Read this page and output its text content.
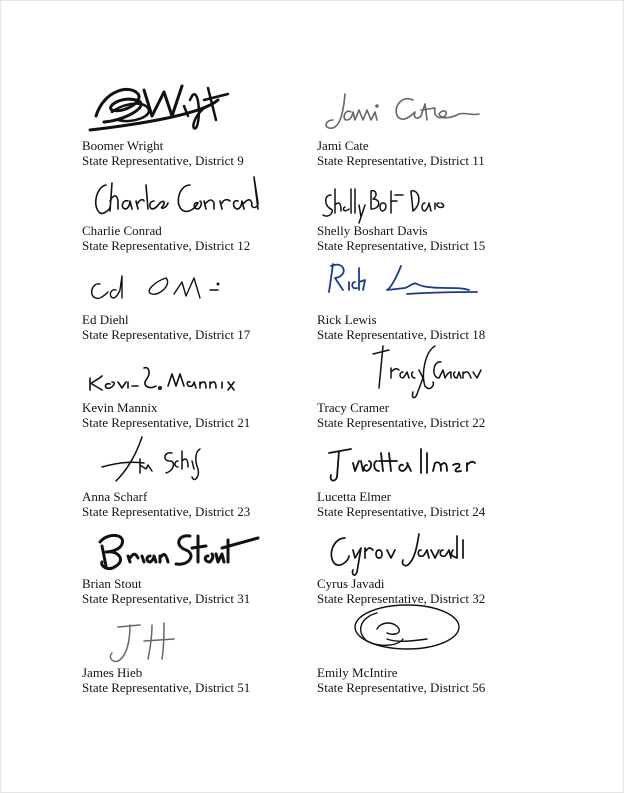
Boomer Wright
State Representative, District 9
Jami Cate
State Representative, District 11
Charlie Conrad
State Representative, District 12
Shelly Boshart Davis
State Representative, District 15
Ed Diehl
State Representative, District 17
Rick Lewis
State Representative, District 18
Kevin Mannix
State Representative, District 21
Tracy Cramer
State Representative, District 22
Anna Scharf
State Representative, District 23
Lucetta Elmer
State Representative, District 24
Brian Stout
State Representative, District 31
Cyrus Javadi
State Representative, District 32
James Hieb
State Representative, District 51
Emily McIntire
State Representative, District 56
